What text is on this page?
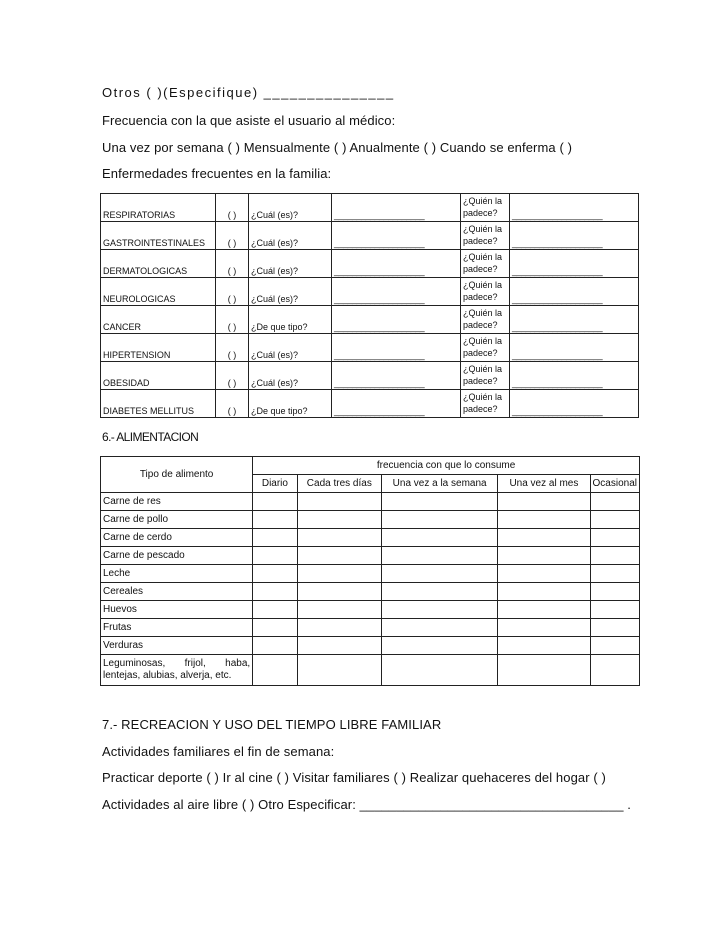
Otros ( )(Especifique) _______________
Frecuencia con la que asiste el usuario al médico:
Una vez por semana ( ) Mensualmente ( ) Anualmente ( ) Cuando se enferma ( )
Enfermedades frecuentes en la familia:
RESPIRATORIAS	( )	¿Cuál (es)?	____________________	¿Quién la padece?	____________________
GASTROINTESTINALES	( )	¿Cuál (es)?	____________________	¿Quién la padece?	____________________
DERMATOLOGICAS	( )	¿Cuál (es)?	____________________	¿Quién la padece?	____________________
NEUROLOGICAS	( )	¿Cuál (es)?	____________________	¿Quién la padece?	____________________
CANCER	( )	¿De que tipo?	____________________	¿Quién la padece?	____________________
HIPERTENSION	( )	¿Cuál (es)?	____________________	¿Quién la padece?	____________________
OBESIDAD	( )	¿Cuál (es)?	____________________	¿Quién la padece?	____________________
DIABETES MELLITUS	( )	¿De que tipo?	____________________	¿Quién la padece?	____________________
6.- ALIMENTACION
Tipo de alimento	frecuencia con que lo consume				
	Diario	Cada tres días	Una vez a la semana	Una vez al mes	Ocasional
Carne de res					
Carne de pollo					
Carne de cerdo					
Carne de pescado					
Leche					
Cereales					
Huevos					
Frutas					
Verduras					
Leguminosas, frijol, haba, lentejas, alubias, alverja, etc.					
7.- RECREACION Y USO DEL TIEMPO LIBRE FAMILIAR
Actividades familiares el fin de semana:
Practicar deporte ( ) Ir al cine ( ) Visitar familiares ( ) Realizar quehaceres del hogar ( )
Actividades al aire libre ( ) Otro Especificar: ____________________________________ .
